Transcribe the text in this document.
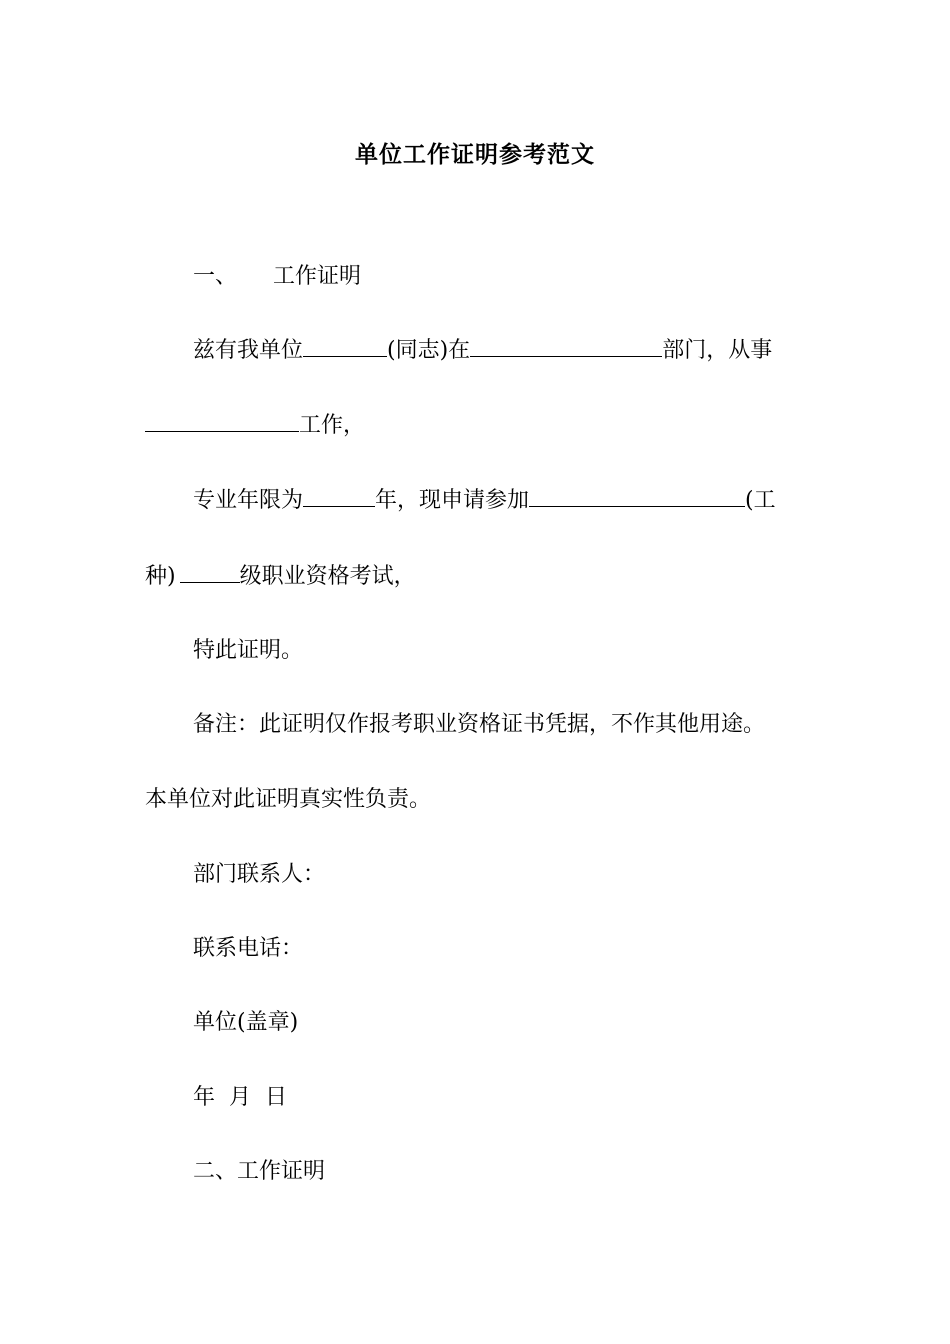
单位工作证明参考范文

一、 工作证明

兹有我单位	(同志)在	部门，从事

工作，

专业年限为	年，现申请参加	(工

种)	级职业资格考试，

特此证明。

备注：此证明仅作报考职业资格证书凭据，不作其他用途。

本单位对此证明真实性负责。

部门联系人：

联系电话：

单位(盖章)

年 月 日

二、工作证明
